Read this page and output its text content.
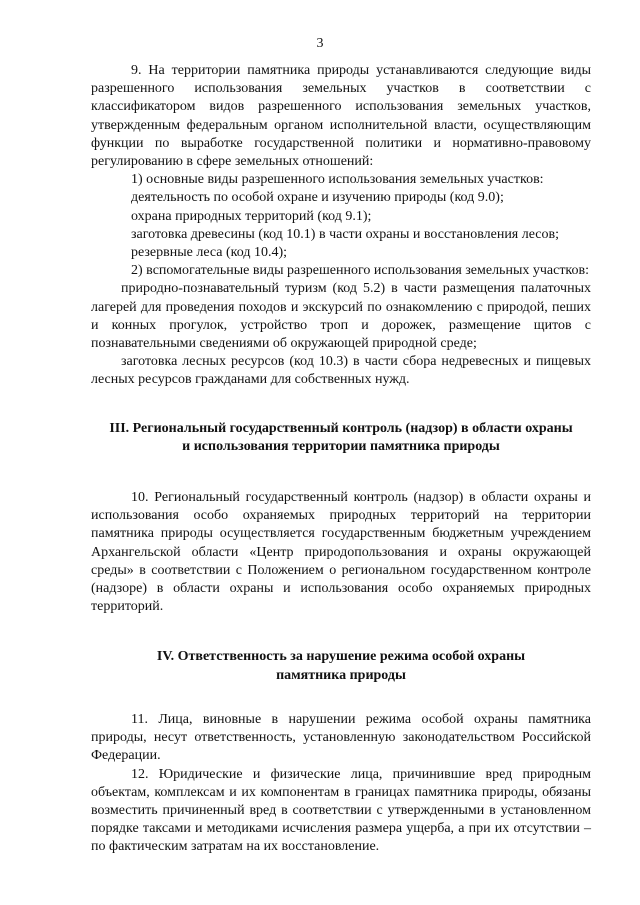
3

9. На территории памятника природы устанавливаются следующие виды разрешенного использования земельных участков в соответствии с классификатором видов разрешенного использования земельных участков, утвержденным федеральным органом исполнительной власти, осуществляющим функции по выработке государственной политики и нормативно-правовому регулированию в сфере земельных отношений:

1) основные виды разрешенного использования земельных участков:

деятельность по особой охране и изучению природы (код 9.0);

охрана природных территорий (код 9.1);

заготовка древесины (код 10.1) в части охраны и восстановления лесов;

резервные леса (код 10.4);

2) вспомогательные виды разрешенного использования земельных участков:

природно-познавательный туризм (код 5.2) в части размещения палаточных лагерей для проведения походов и экскурсий по ознакомлению с природой, пеших и конных прогулок, устройство троп и дорожек, размещение щитов с познавательными сведениями об окружающей природной среде;

заготовка лесных ресурсов (код 10.3) в части сбора недревесных и пищевых лесных ресурсов гражданами для собственных нужд.

III. Региональный государственный контроль (надзор) в области охраны
и использования территории памятника природы

10. Региональный государственный контроль (надзор) в области охраны и использования особо охраняемых природных территорий на территории памятника природы осуществляется государственным бюджетным учреждением Архангельской области «Центр природопользования и охраны окружающей среды» в соответствии с Положением о региональном государственном контроле (надзоре) в области охраны и использования особо охраняемых природных территорий.

IV. Ответственность за нарушение режима особой охраны
памятника природы

11. Лица, виновные в нарушении режима особой охраны памятника природы, несут ответственность, установленную законодательством Российской Федерации.

12. Юридические и физические лица, причинившие вред природным объектам, комплексам и их компонентам в границах памятника природы, обязаны возместить причиненный вред в соответствии с утвержденными в установленном порядке таксами и методиками исчисления размера ущерба, а при их отсутствии – по фактическим затратам на их восстановление.
